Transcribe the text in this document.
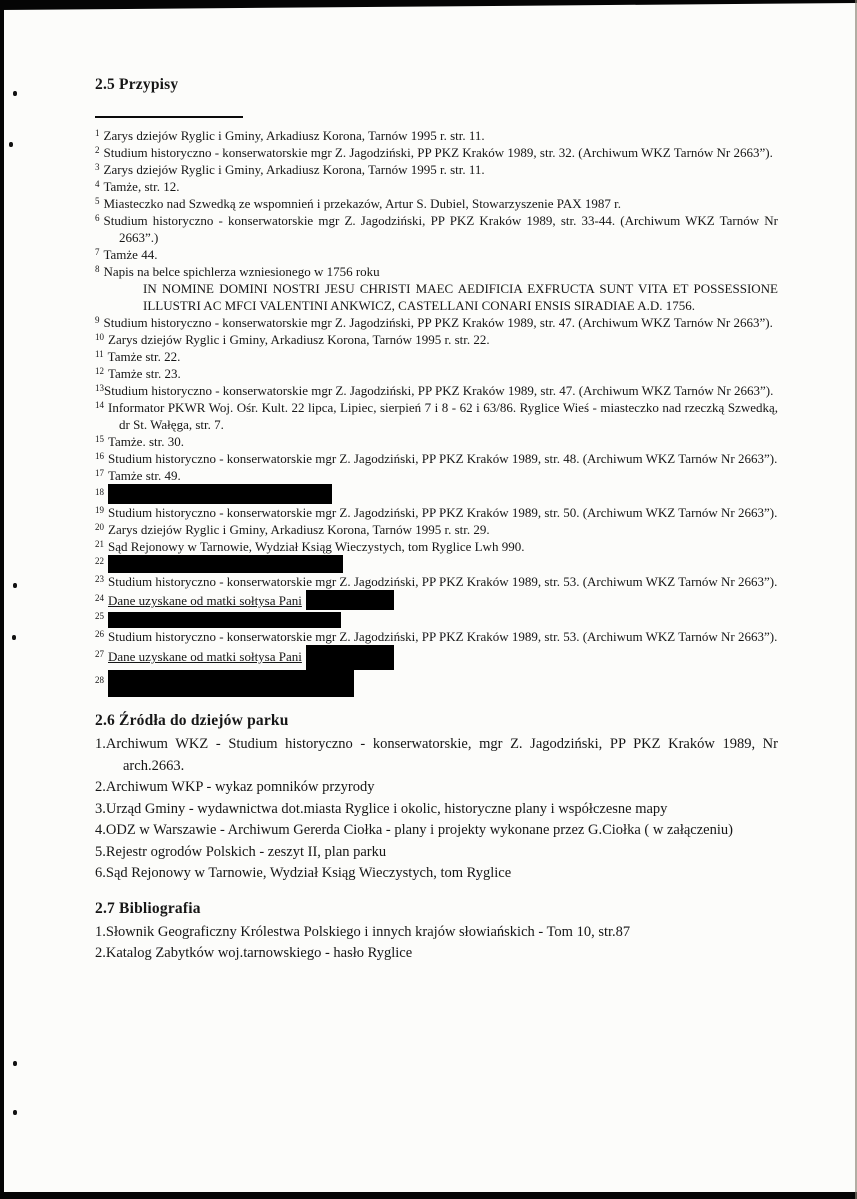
2.5 Przypisy
$^1$ Zarys dziejów Ryglic i Gminy, Arkadiusz Korona, Tarnów 1995 r. str. 11.
$^2$ Studium historyczno - konserwatorskie mgr Z. Jagodziński, PP PKZ Kraków 1989, str. 32. (Archiwum WKZ Tarnów Nr 2663”).
$^3$ Zarys dziejów Ryglic i Gminy, Arkadiusz Korona, Tarnów 1995 r. str. 11.
$^4$ Tamże, str. 12.
$^5$ Miasteczko nad Szwedką ze wspomnień i przekazów, Artur S. Dubiel, Stowarzyszenie PAX 1987 r.
$^6$ Studium historyczno - konserwatorskie mgr Z. Jagodziński, PP PKZ Kraków 1989, str. 33-44. (Archiwum WKZ Tarnów Nr 2663”.)
$^7$ Tamże 44.
$^8$ Napis na belce spichlerza wzniesionego w 1756 roku
IN NOMINE DOMINI NOSTRI JESU CHRISTI MAEC AEDIFICIA EXFRUCTA SUNT VITA ET POSSESSIONE ILLUSTRI AC MFCI VALENTINI ANKWICZ, CASTELLANI CONARI ENSIS SIRADIAE A.D. 1756.
$^9$ Studium historyczno - konserwatorskie mgr Z. Jagodziński, PP PKZ Kraków 1989, str. 47. (Archiwum WKZ Tarnów Nr 2663”).
$^{10}$ Zarys dziejów Ryglic i Gminy, Arkadiusz Korona, Tarnów 1995 r. str. 22.
$^{11}$ Tamże str. 22.
$^{12}$ Tamże str. 23.
$^{13}$Studium historyczno - konserwatorskie mgr Z. Jagodziński, PP PKZ Kraków 1989, str. 47. (Archiwum WKZ Tarnów Nr 2663”).
$^{14}$ Informator PKWR Woj. Ośr. Kult. 22 lipca, Lipiec, sierpień 7 i 8 - 62 i 63/86. Ryglice Wieś - miasteczko nad rzeczką Szwedką, dr St. Wałęga, str. 7.
$^{15}$ Tamże. str. 30.
$^{16}$ Studium historyczno - konserwatorskie mgr Z. Jagodziński, PP PKZ Kraków 1989, str. 48. (Archiwum WKZ Tarnów Nr 2663”).
$^{17}$ Tamże str. 49.
$^{18}$
$^{19}$ Studium historyczno - konserwatorskie mgr Z. Jagodziński, PP PKZ Kraków 1989, str. 50. (Archiwum WKZ Tarnów Nr 2663”).
$^{20}$ Zarys dziejów Ryglic i Gminy, Arkadiusz Korona, Tarnów 1995 r. str. 29.
$^{21}$ Sąd Rejonowy w Tarnowie, Wydział Ksiąg Wieczystych, tom Ryglice Lwh 990.
$^{22}$
$^{23}$ Studium historyczno - konserwatorskie mgr Z. Jagodziński, PP PKZ Kraków 1989, str. 53. (Archiwum WKZ Tarnów Nr 2663”).
$^{24}$ Dane uzyskane od matki sołtysa Pani
$^{25}$
$^{26}$ Studium historyczno - konserwatorskie mgr Z. Jagodziński, PP PKZ Kraków 1989, str. 53. (Archiwum WKZ Tarnów Nr 2663”).
$^{27}$ Dane uzyskane od matki sołtysa Pani
$^{28}$
2.6 Źródła do dziejów parku
1.Archiwum WKZ - Studium historyczno - konserwatorskie, mgr Z. Jagodziński, PP PKZ Kraków 1989, Nr arch.2663.
2.Archiwum WKP - wykaz pomników przyrody
3.Urząd Gminy - wydawnictwa dot.miasta Ryglice i okolic, historyczne plany i współczesne mapy
4.ODZ w Warszawie - Archiwum Gererda Ciołka - plany i projekty wykonane przez G.Ciołka ( w załączeniu)
5.Rejestr ogrodów Polskich - zeszyt II, plan parku
6.Sąd Rejonowy w Tarnowie, Wydział Ksiąg Wieczystych, tom Ryglice
2.7 Bibliografia
1.Słownik Geograficzny Królestwa Polskiego i innych krajów słowiańskich - Tom 10, str.87
2.Katalog Zabytków woj.tarnowskiego - hasło Ryglice
